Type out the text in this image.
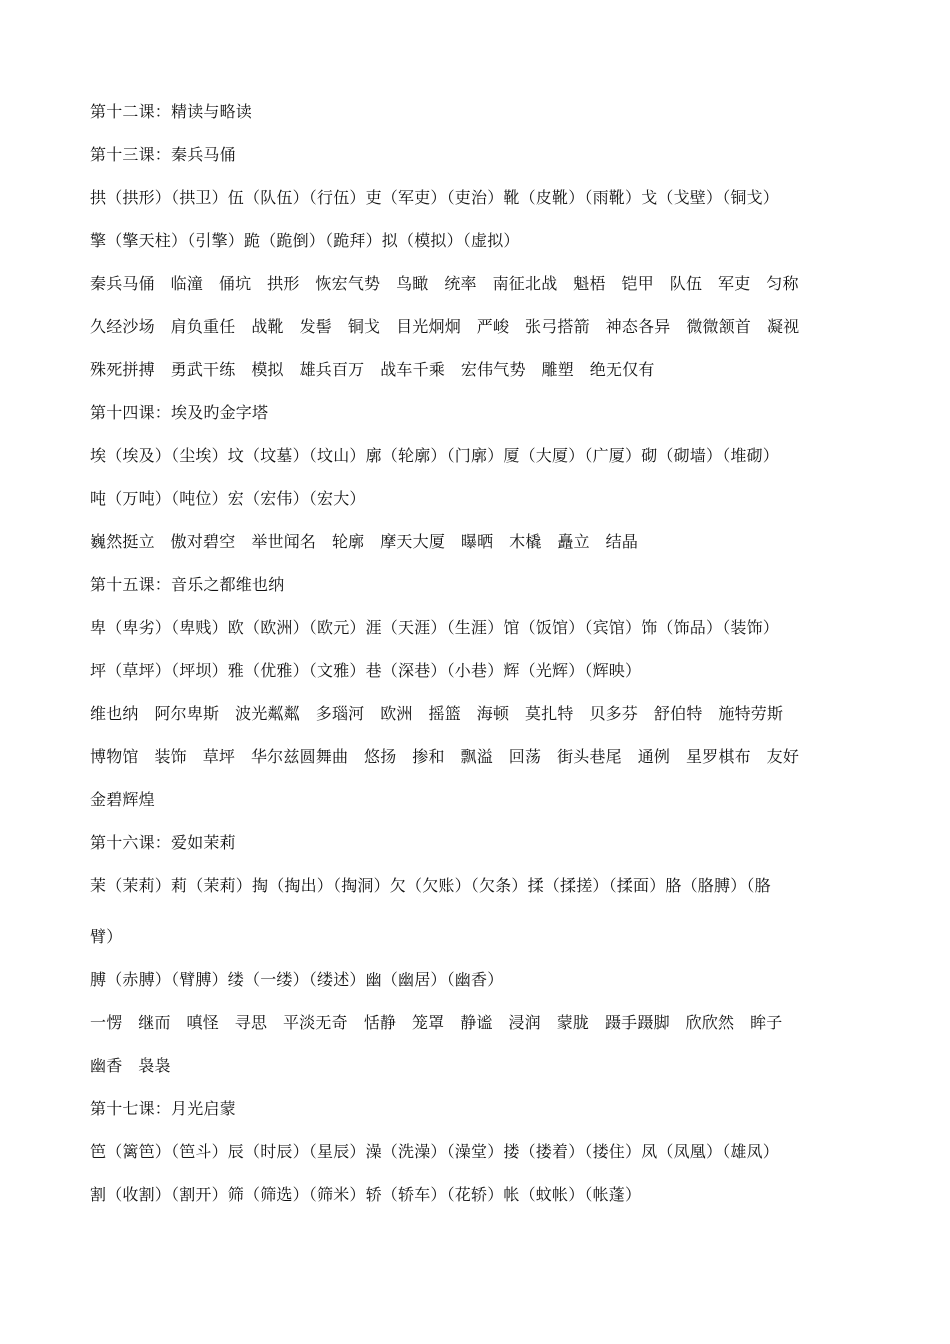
第十二课：精读与略读
第十三课：秦兵马俑
拱（拱形）（拱卫）伍（队伍）（行伍）吏（军吏）（吏治）靴（皮靴）（雨靴）戈（戈壁）（铜戈）
擎（擎天柱）（引擎）跪（跪倒）（跪拜）拟（模拟）（虚拟）
秦兵马俑   临潼   俑坑   拱形   恢宏气势   鸟瞰   统率   南征北战   魁梧   铠甲   队伍   军吏   匀称
久经沙场   肩负重任   战靴   发髻   铜戈   目光炯炯   严峻   张弓搭箭   神态各异   微微颔首   凝视
殊死拼搏   勇武干练   模拟   雄兵百万   战车千乘   宏伟气势   雕塑   绝无仅有
第十四课：埃及旳金字塔
埃（埃及）（尘埃）坟（坟墓）（坟山）廓（轮廓）（门廓）厦（大厦）（广厦）砌（砌墙）（堆砌）
吨（万吨）（吨位）宏（宏伟）（宏大）
巍然挺立   傲对碧空   举世闻名   轮廓   摩天大厦   曝晒   木橇   矗立   结晶
第十五课：音乐之都维也纳
卑（卑劣）（卑贱）欧（欧洲）（欧元）涯（天涯）（生涯）馆（饭馆）（宾馆）饰（饰品）（装饰）
坪（草坪）（坪坝）雅（优雅）（文雅）巷（深巷）（小巷）辉（光辉）（辉映）
维也纳   阿尔卑斯   波光粼粼   多瑙河   欧洲   摇篮   海顿   莫扎特   贝多芬   舒伯特   施特劳斯
博物馆   装饰   草坪   华尔兹圆舞曲   悠扬   掺和   飘溢   回荡   街头巷尾   通例   星罗棋布   友好
金碧辉煌
第十六课：爱如茉莉
茉（茉莉）莉（茉莉）掏（掏出）（掏洞）欠（欠账）（欠条）揉（揉搓）（揉面）胳（胳膊）（胳
臂）
膊（赤膊）（臂膊）缕（一缕）（缕述）幽（幽居）（幽香）
一愣   继而   嗔怪   寻思   平淡无奇   恬静   笼罩   静谧   浸润   蒙胧   蹑手蹑脚   欣欣然   眸子
幽香   袅袅
第十七课：月光启蒙
笆（篱笆）（笆斗）辰（时辰）（星辰）澡（洗澡）（澡堂）搂（搂着）（搂住）凤（凤凰）（雄凤）
割（收割）（割开）筛（筛选）（筛米）轿（轿车）（花轿）帐（蚊帐）（帐蓬）
